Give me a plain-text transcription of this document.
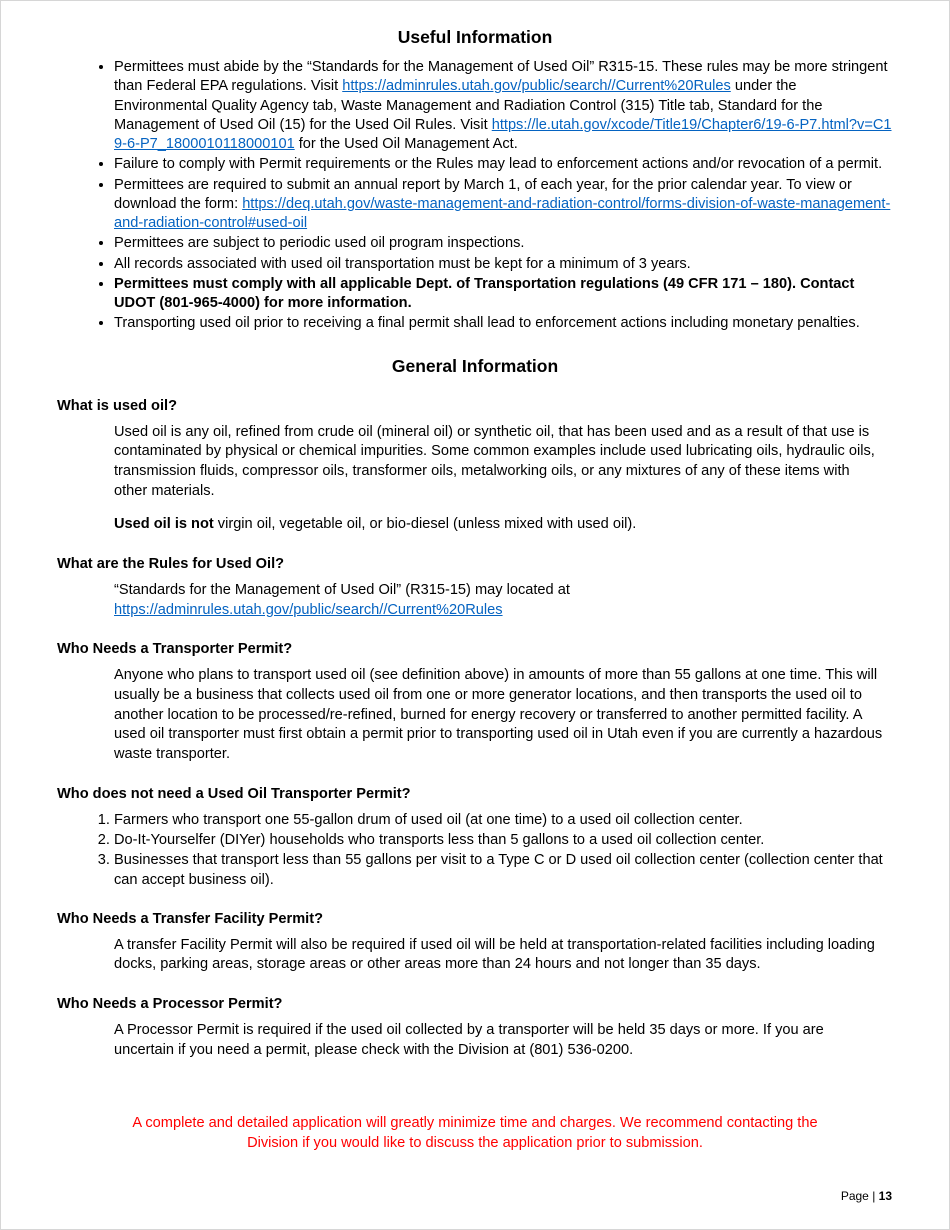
Useful Information
• Permittees must abide by the “Standards for the Management of Used Oil” R315-15. These rules may be more stringent than Federal EPA regulations. Visit https://adminrules.utah.gov/public/search//Current%20Rules under the Environmental Quality Agency tab, Waste Management and Radiation Control (315) Title tab, Standard for the Management of Used Oil (15) for the Used Oil Rules. Visit https://le.utah.gov/xcode/Title19/Chapter6/19-6-P7.html?v=C19-6-P7_1800010118000101 for the Used Oil Management Act.
• Failure to comply with Permit requirements or the Rules may lead to enforcement actions and/or revocation of a permit.
• Permittees are required to submit an annual report by March 1, of each year, for the prior calendar year. To view or download the form: https://deq.utah.gov/waste-management-and-radiation-control/forms-division-of-waste-management-and-radiation-control#used-oil
• Permittees are subject to periodic used oil program inspections.
• All records associated with used oil transportation must be kept for a minimum of 3 years.
• Permittees must comply with all applicable Dept. of Transportation regulations (49 CFR 171 – 180). Contact UDOT (801-965-4000) for more information.
• Transporting used oil prior to receiving a final permit shall lead to enforcement actions including monetary penalties.
General Information
What is used oil?

Used oil is any oil, refined from crude oil (mineral oil) or synthetic oil, that has been used and as a result of that use is contaminated by physical or chemical impurities. Some common examples include used lubricating oils, hydraulic oils, transmission fluids, compressor oils, transformer oils, metalworking oils, or any mixtures of any of these items with other materials.

Used oil is not virgin oil, vegetable oil, or bio-diesel (unless mixed with used oil).

What are the Rules for Used Oil?

“Standards for the Management of Used Oil” (R315-15) may located at
https://adminrules.utah.gov/public/search//Current%20Rules

Who Needs a Transporter Permit?

Anyone who plans to transport used oil (see definition above) in amounts of more than 55 gallons at one time. This will usually be a business that collects used oil from one or more generator locations, and then transports the used oil to another location to be processed/re-refined, burned for energy recovery or transferred to another permitted facility. A used oil transporter must first obtain a permit prior to transporting used oil in Utah even if you are currently a hazardous waste transporter.

Who does not need a Used Oil Transporter Permit?
1. Farmers who transport one 55-gallon drum of used oil (at one time) to a used oil collection center.
2. Do-It-Yourselfer (DIYer) households who transports less than 5 gallons to a used oil collection center.
3. Businesses that transport less than 55 gallons per visit to a Type C or D used oil collection center (collection center that can accept business oil).
Who Needs a Transfer Facility Permit?

A transfer Facility Permit will also be required if used oil will be held at transportation-related facilities including loading docks, parking areas, storage areas or other areas more than 24 hours and not longer than 35 days.

Who Needs a Processor Permit?

A Processor Permit is required if the used oil collected by a transporter will be held 35 days or more. If you are uncertain if you need a permit, please check with the Division at (801) 536-0200.

A complete and detailed application will greatly minimize time and charges. We recommend contacting the Division if you would like to discuss the application prior to submission.

Page | 13
